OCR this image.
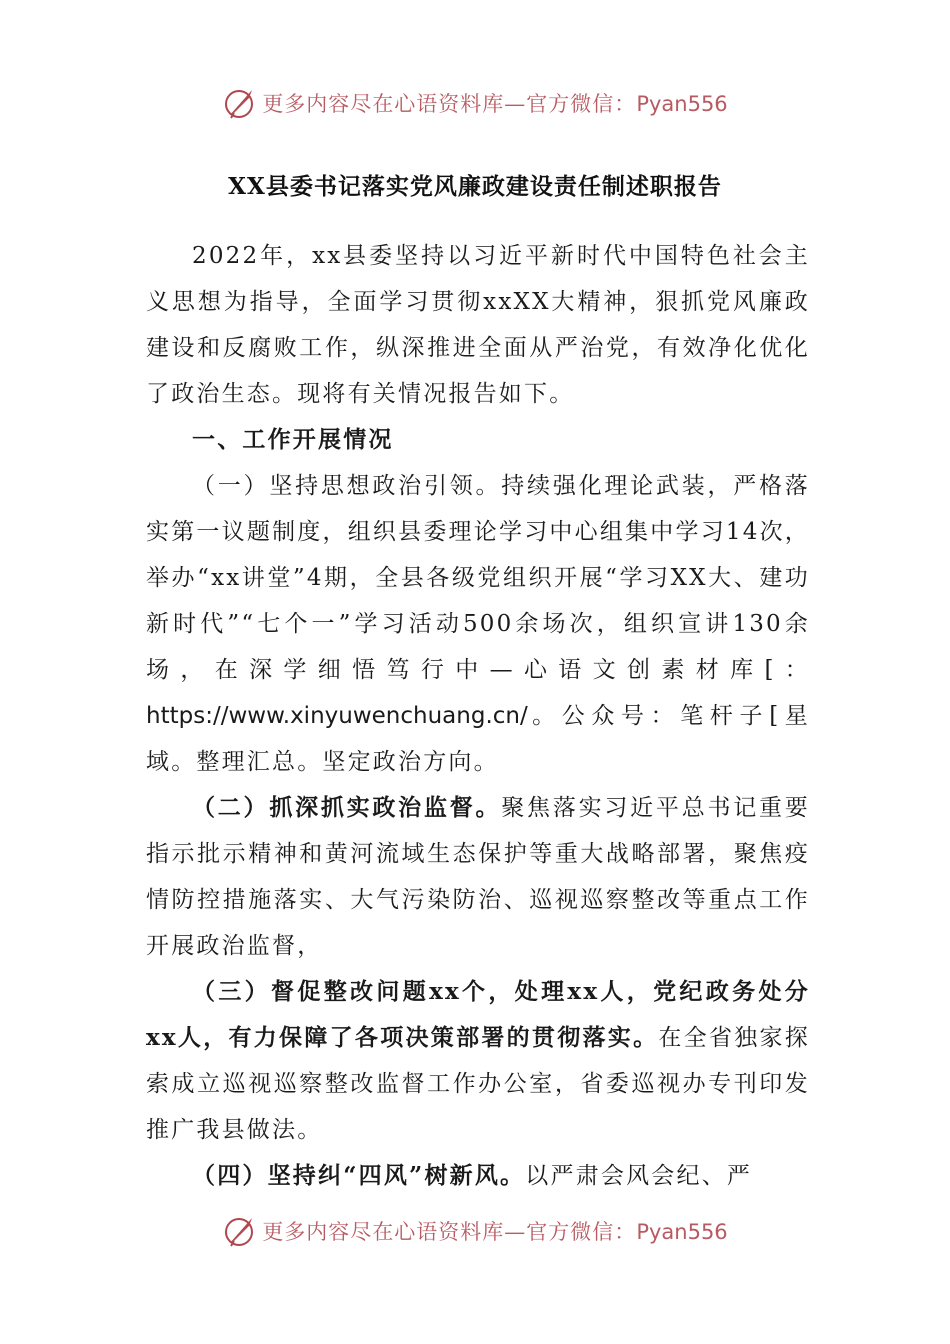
更多内容尽在心语资料库—官方微信：Pyan556
XX县委书记落实党风廉政建设责任制述职报告

2022年，xx县委坚持以习近平新时代中国特色社会主义思想为指导，全面学习贯彻xxXX大精神，狠抓党风廉政建设和反腐败工作，纵深推进全面从严治党，有效净化优化了政治生态。现将有关情况报告如下。

一、工作开展情况

（一）坚持思想政治引领。持续强化理论武装，严格落实第一议题制度，组织县委理论学习中心组集中学习14次，举办“xx讲堂”4期，全县各级党组织开展“学习XX大、建功新时代”“七个一”学习活动500余场次，组织宣讲130余场，在深学细悟笃行中—心语文创素材库[：https://www.xinyuwenchuang.cn/。公众号：笔杆子[星域。整理汇总。坚定政治方向。

（二）抓深抓实政治监督。聚焦落实习近平总书记重要指示批示精神和黄河流域生态保护等重大战略部署，聚焦疫情防控措施落实、大气污染防治、巡视巡察整改等重点工作开展政治监督，

（三）督促整改问题xx个，处理xx人，党纪政务处分xx人，有力保障了各项决策部署的贯彻落实。在全省独家探索成立巡视巡察整改监督工作办公室，省委巡视办专刊印发推广我县做法。

（四）坚持纠“四风”树新风。以严肃会风会纪、严

更多内容尽在心语资料库—官方微信：Pyan556
